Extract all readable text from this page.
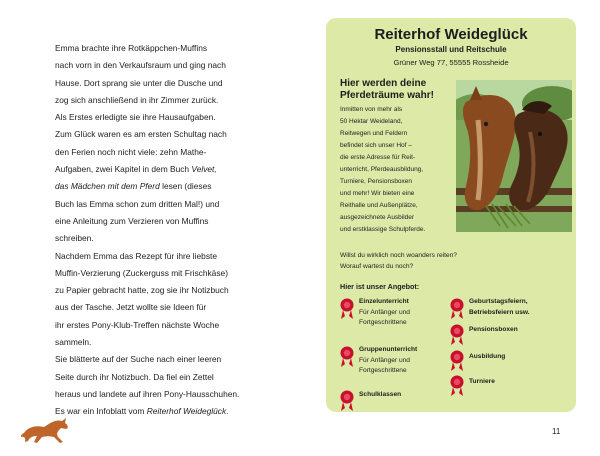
Emma brachte ihre Rotkäppchen-Muffins

nach vorn in den Verkaufsraum und ging nach

Hause. Dort sprang sie unter die Dusche und

zog sich anschließend in ihr Zimmer zurück.

Als Erstes erledigte sie ihre Hausaufgaben.

Zum Glück waren es am ersten Schultag nach

den Ferien noch nicht viele: zehn Mathe-

Aufgaben, zwei Kapitel in dem Buch Velvet,

das Mädchen mit dem Pferd lesen (dieses

Buch las Emma schon zum dritten Mal!) und

eine Anleitung zum Verzieren von Muffins

schreiben.

Nachdem Emma das Rezept für ihre liebste

Muffin-Verzierung (Zuckerguss mit Frischkäse)

zu Papier gebracht hatte, zog sie ihr Notizbuch

aus der Tasche. Jetzt wollte sie Ideen für

ihr erstes Pony-Klub-Treffen nächste Woche

sammeln.

Sie blätterte auf der Suche nach einer leeren

Seite durch ihr Notizbuch. Da fiel ein Zettel

heraus und landete auf ihren Pony-Hausschuhen.

Es war ein Infoblatt vom Reiterhof Weideglück.

Reiterhof Weideglück
Pensionsstall und Reitschule
Grüner Weg 77, 55555 Rossheide
Hier werden deine Pferdeträume wahr!
Inmitten von mehr als
50 Hektar Weideland,
Reitwegen und Feldern
befindet sich unser Hof –
die erste Adresse für Reit-
unterricht, Pferdeausbildung,
Turniere, Pensionsboxen
und mehr! Wir bieten eine
Reithalle und Außenplätze,
ausgezeichnete Ausbilder
und erstklassige Schulpferde.
Willst du wirklich noch woanders reiten?
Worauf wartest du noch?
Hier ist unser Angebot:
Einzelunterricht
Für Anfänger und
Fortgeschrittene
Gruppenunterricht
Für Anfänger und
Fortgeschrittene
Schulklassen
Geburtstagsfeiern,
Betriebsfeiern usw.
Pensionsboxen
Ausbildung
Turniere
11
